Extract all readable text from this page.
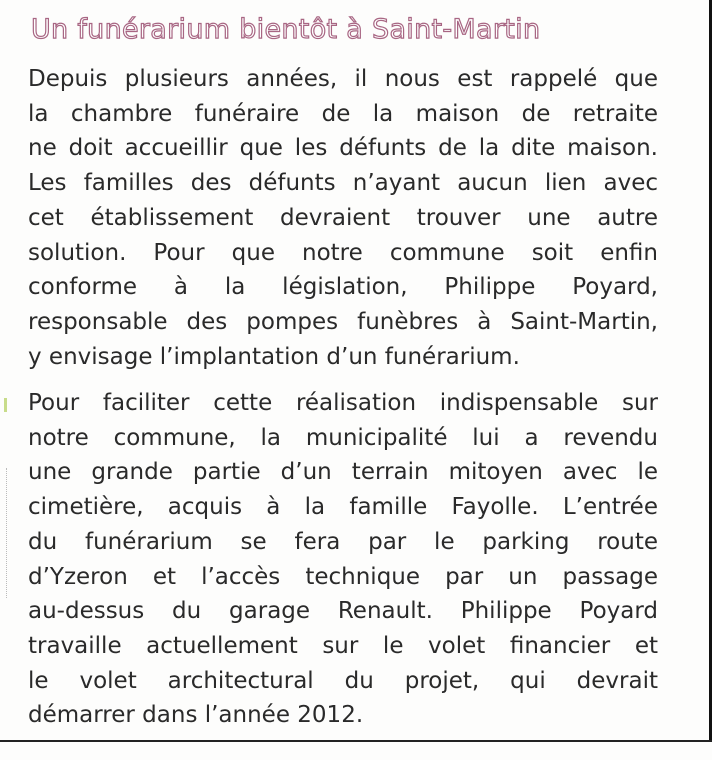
Un funérarium bientôt à Saint-Martin

Depuis plusieurs années, il nous est rappelé que
la chambre funéraire de la maison de retraite
ne doit accueillir que les défunts de la dite maison.
Les familles des défunts n’ayant aucun lien avec
cet établissement devraient trouver une autre
solution. Pour que notre commune soit enfin
conforme à la législation, Philippe Poyard,
responsable des pompes funèbres à Saint-Martin,
y envisage l’implantation d’un funérarium.

Pour faciliter cette réalisation indispensable sur
notre commune, la municipalité lui a revendu
une grande partie d’un terrain mitoyen avec le
cimetière, acquis à la famille Fayolle. L’entrée
du funérarium se fera par le parking route
d’Yzeron et l’accès technique par un passage
au-dessus du garage Renault. Philippe Poyard
travaille actuellement sur le volet financier et
le volet architectural du projet, qui devrait
démarrer dans l’année 2012.
